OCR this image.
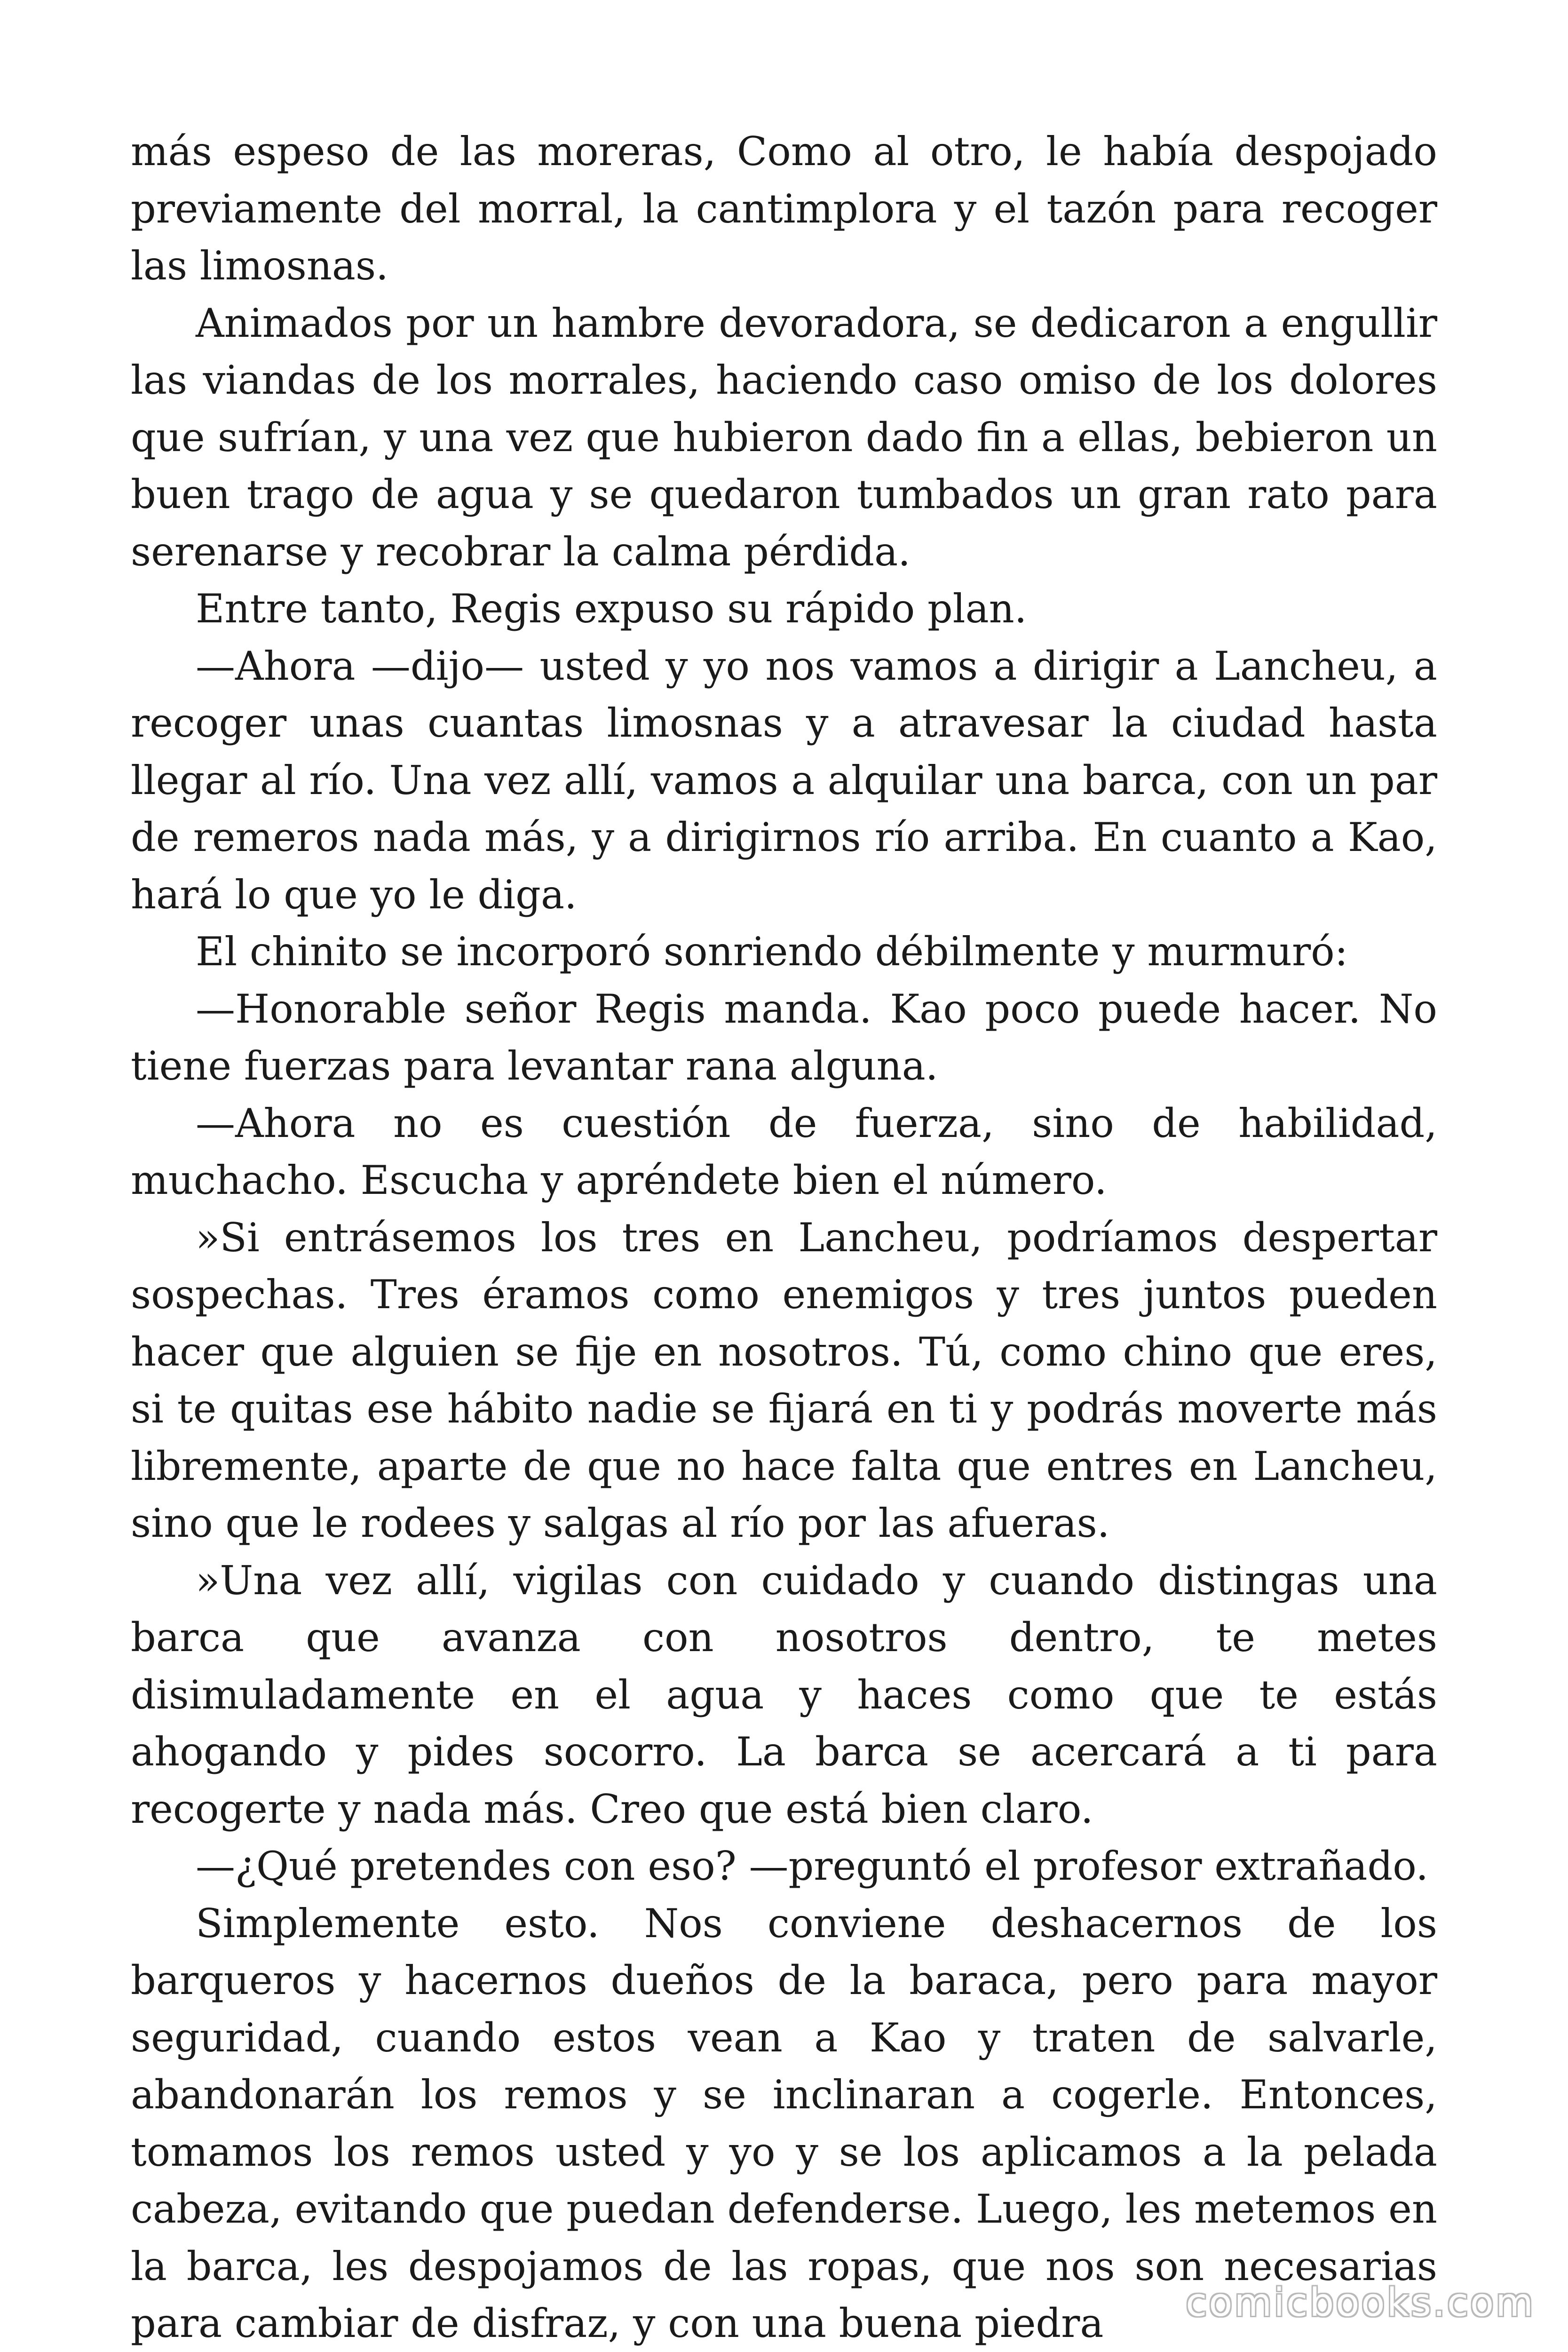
más espeso de las moreras, Como al otro, le había despojado previamente del morral, la cantimplora y el tazón para recoger las limosnas.

Animados por un hambre devoradora, se dedicaron a engullir las viandas de los morrales, haciendo caso omiso de los dolores que sufrían, y una vez que hubieron dado fin a ellas, bebieron un buen trago de agua y se quedaron tumbados un gran rato para serenarse y recobrar la calma pérdida.

Entre tanto, Regis expuso su rápido plan.

—Ahora —dijo— usted y yo nos vamos a dirigir a Lancheu, a recoger unas cuantas limosnas y a atravesar la ciudad hasta llegar al río. Una vez allí, vamos a alquilar una barca, con un par de remeros nada más, y a dirigirnos río arriba. En cuanto a Kao, hará lo que yo le diga.

El chinito se incorporó sonriendo débilmente y murmuró:

—Honorable señor Regis manda. Kao poco puede hacer. No tiene fuerzas para levantar rana alguna.

—Ahora no es cuestión de fuerza, sino de habilidad, muchacho. Escucha y apréndete bien el número.

»Si entrásemos los tres en Lancheu, podríamos despertar sospechas. Tres éramos como enemigos y tres juntos pueden hacer que alguien se fije en nosotros. Tú, como chino que eres, si te quitas ese hábito nadie se fijará en ti y podrás moverte más libremente, aparte de que no hace falta que entres en Lancheu, sino que le rodees y salgas al río por las afueras.

»Una vez allí, vigilas con cuidado y cuando distingas una barca que avanza con nosotros dentro, te metes disimuladamente en el agua y haces como que te estás ahogando y pides socorro. La barca se acercará a ti para recogerte y nada más. Creo que está bien claro.

—¿Qué pretendes con eso? —preguntó el profesor extrañado.

Simplemente esto. Nos conviene deshacernos de los barqueros y hacernos dueños de la baraca, pero para mayor seguridad, cuando estos vean a Kao y traten de salvarle, abandonarán los remos y se inclinaran a cogerle. Entonces, tomamos los remos usted y yo y se los aplicamos a la pelada cabeza, evitando que puedan defenderse. Luego, les metemos en la barca, les despojamos de las ropas, que nos son necesarias para cambiar de disfraz, y con una buena piedra	comicbooks.com
